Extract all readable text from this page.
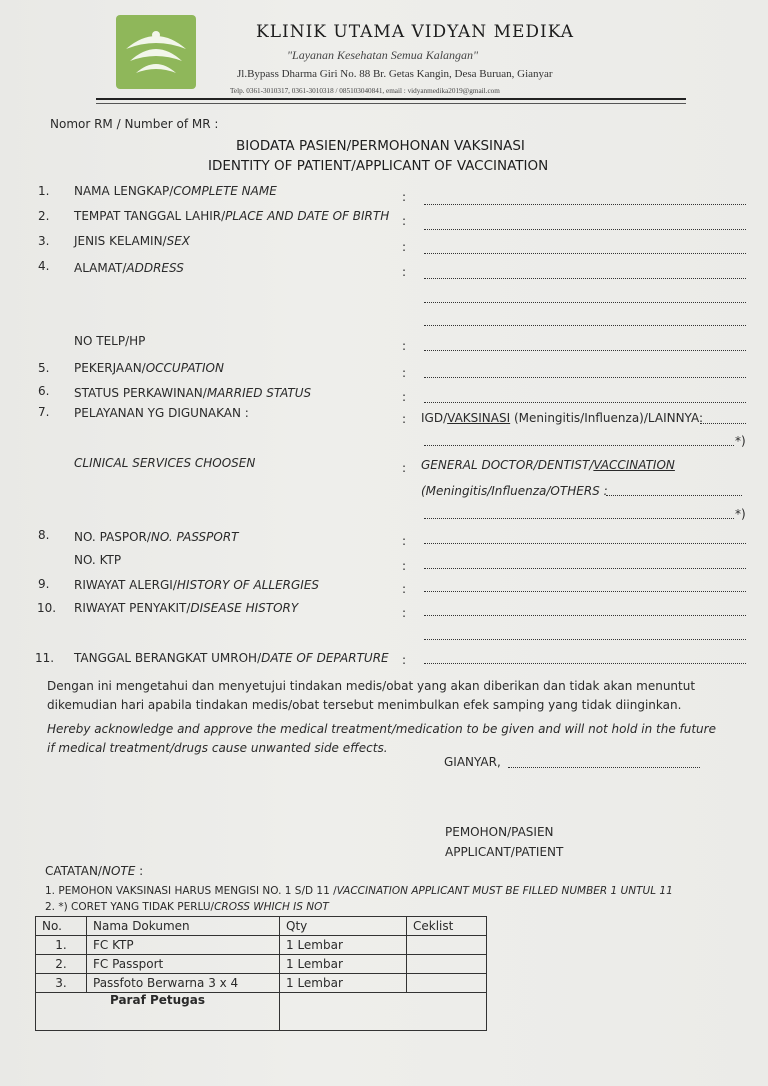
KLINIK UTAMA VIDYAN MEDIKA
"Layanan Kesehatan Semua Kalangan"
Jl.Bypass Dharma Giri No. 88 Br. Getas Kangin, Desa Buruan, Gianyar
Telp. 0361-3010317, 0361-3010318 / 085103040841, email : vidyanmedika2019@gmail.com
Nomor RM / Number of MR :
BIODATA PASIEN/PERMOHONAN VAKSINASI
IDENTITY OF PATIENT/APPLICANT OF VACCINATION
1. NAMA LENGKAP/COMPLETE NAME	:
2. TEMPAT TANGGAL LAHIR/PLACE AND DATE OF BIRTH :
3. JENIS KELAMIN/SEX	:
4. ALAMAT/ADDRESS	:
NO TELP/HP	:
5. PEKERJAAN/OCCUPATION	:
6. STATUS PERKAWINAN/MARRIED STATUS	:
7. PELAYANAN YG DIGUNAKAN :	: IGD/VAKSINASI (Meningitis/Influenza)/LAINNYA:
*)
CLINICAL SERVICES CHOOSEN	: GENERAL DOCTOR/DENTIST/VACCINATION
(Meningitis/Influenza/OTHERS :
*)
8. NO. PASPOR/NO. PASSPORT	:
NO. KTP	:
9. RIWAYAT ALERGI/HISTORY OF ALLERGIES	:
10. RIWAYAT PENYAKIT/DISEASE HISTORY	:
11. TANGGAL BERANGKAT UMROH/DATE OF DEPARTURE :
Dengan ini mengetahui dan menyetujui tindakan medis/obat yang akan diberikan dan tidak akan menuntut dikemudian hari apabila tindakan medis/obat tersebut menimbulkan efek samping yang tidak diinginkan.
Hereby acknowledge and approve the medical treatment/medication to be given and will not hold in the future if medical treatment/drugs cause unwanted side effects.
GIANYAR,
PEMOHON/PASIEN
APPLICANT/PATIENT
CATATAN/NOTE :
1. PEMOHON VAKSINASI HARUS MENGISI NO. 1 S/D 11 /VACCINATION APPLICANT MUST BE FILLED NUMBER 1 UNTUL 11
2. *) CORET YANG TIDAK PERLU/CROSS WHICH IS NOT
No.	Nama Dokumen	Qty	Ceklist
1.	FC KTP	1 Lembar	
2.	FC Passport	1 Lembar	
3.	Passfoto Berwarna 3 x 4	1 Lembar	
Paraf Petugas			
